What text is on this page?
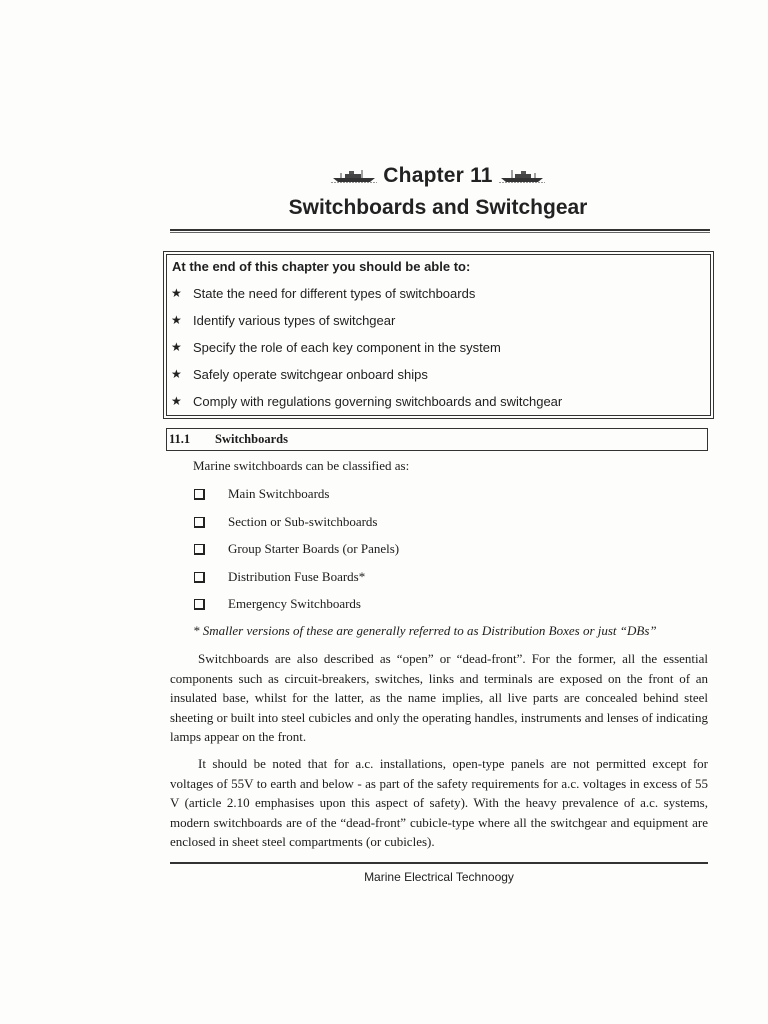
Chapter 11
Switchboards and Switchgear
At the end of this chapter you should be able to:
★ State the need for different types of switchboards
★ Identify various types of switchgear
★ Specify the role of each key component in the system
★ Safely operate switchgear onboard ships
★ Comply with regulations governing switchboards and switchgear
11.1 Switchboards
Marine switchboards can be classified as:
Main Switchboards
Section or Sub-switchboards
Group Starter Boards (or Panels)
Distribution Fuse Boards*
Emergency Switchboards
* Smaller versions of these are generally referred to as Distribution Boxes or just “DBs”

Switchboards are also described as “open” or “dead-front”. For the former, all the essential components such as circuit-breakers, switches, links and terminals are exposed on the front of an insulated base, whilst for the latter, as the name implies, all live parts are concealed behind steel sheeting or built into steel cubicles and only the operating handles, instruments and lenses of indicating lamps appear on the front.

It should be noted that for a.c. installations, open-type panels are not permitted except for voltages of 55V to earth and below - as part of the safety requirements for a.c. voltages in excess of 55 V (article 2.10 emphasises upon this aspect of safety). With the heavy prevalence of a.c. systems, modern switchboards are of the “dead-front” cubicle-type where all the switchgear and equipment are enclosed in sheet steel compartments (or cubicles).

Marine Electrical Technoogy
